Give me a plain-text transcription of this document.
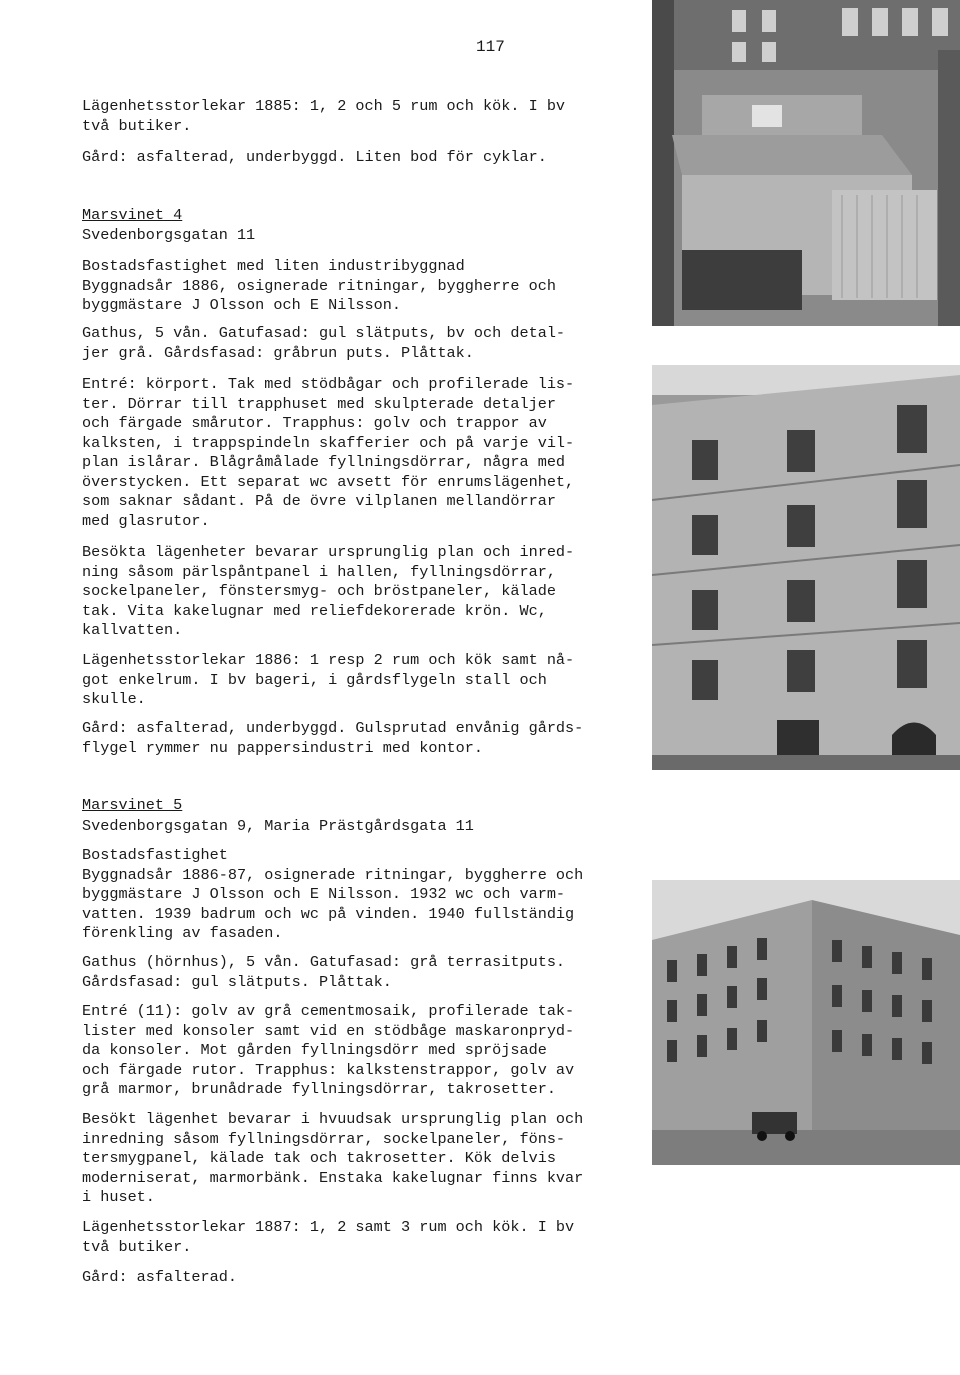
117

Lägenhetsstorlekar 1885: 1, 2 och 5 rum och kök. I bv
två butiker.

Gård: asfalterad, underbyggd. Liten bod för cyklar.

Marsvinet 4

Svedenborgsgatan 11

Bostadsfastighet med liten industribyggnad
Byggnadsår 1886, osignerade ritningar, byggherre och
byggmästare J Olsson och E Nilsson.

Gathus, 5 vån. Gatufasad: gul slätputs, bv och detal-
jer grå. Gårdsfasad: gråbrun puts. Plåttak.

Entré: körport. Tak med stödbågar och profilerade lis-
ter. Dörrar till trapphuset med skulpterade detaljer
och färgade smårutor. Trapphus: golv och trappor av
kalksten, i trappspindeln skafferier och på varje vil-
plan islårar. Blågråmålade fyllningsdörrar, några med
överstycken. Ett separat wc avsett för enrumslägenhet,
som saknar sådant. På de övre vilplanen mellandörrar
med glasrutor.

Besökta lägenheter bevarar ursprunglig plan och inred-
ning såsom pärlspåntpanel i hallen, fyllningsdörrar,
sockelpaneler, fönstersmyg- och bröstpaneler, kälade
tak. Vita kakelugnar med reliefdekorerade krön. Wc,
kallvatten.

Lägenhetsstorlekar 1886: 1 resp 2 rum och kök samt nå-
got enkelrum. I bv bageri, i gårdsflygeln stall och
skulle.

Gård: asfalterad, underbyggd. Gulsprutad envånig gårds-
flygel rymmer nu pappersindustri med kontor.

Marsvinet 5

Svedenborgsgatan 9, Maria Prästgårdsgata 11

Bostadsfastighet
Byggnadsår 1886-87, osignerade ritningar, byggherre och
byggmästare J Olsson och E Nilsson. 1932 wc och varm-
vatten. 1939 badrum och wc på vinden. 1940 fullständig
förenkling av fasaden.

Gathus (hörnhus), 5 vån. Gatufasad: grå terrasitputs.
Gårdsfasad: gul slätputs. Plåttak.

Entré (11): golv av grå cementmosaik, profilerade tak-
lister med konsoler samt vid en stödbåge maskaronpryd-
da konsoler. Mot gården fyllningsdörr med spröjsade
och färgade rutor. Trapphus: kalkstenstrappor, golv av
grå marmor, brunådrade fyllningsdörrar, takrosetter.

Besökt lägenhet bevarar i hvuudsak ursprunglig plan och
inredning såsom fyllningsdörrar, sockelpaneler, föns-
tersmygpanel, kälade tak och takrosetter. Kök delvis
moderniserat, marmorbänk. Enstaka kakelugnar finns kvar
i huset.

Lägenhetsstorlekar 1887: 1, 2 samt 3 rum och kök. I bv
två butiker.

Gård: asfalterad.
